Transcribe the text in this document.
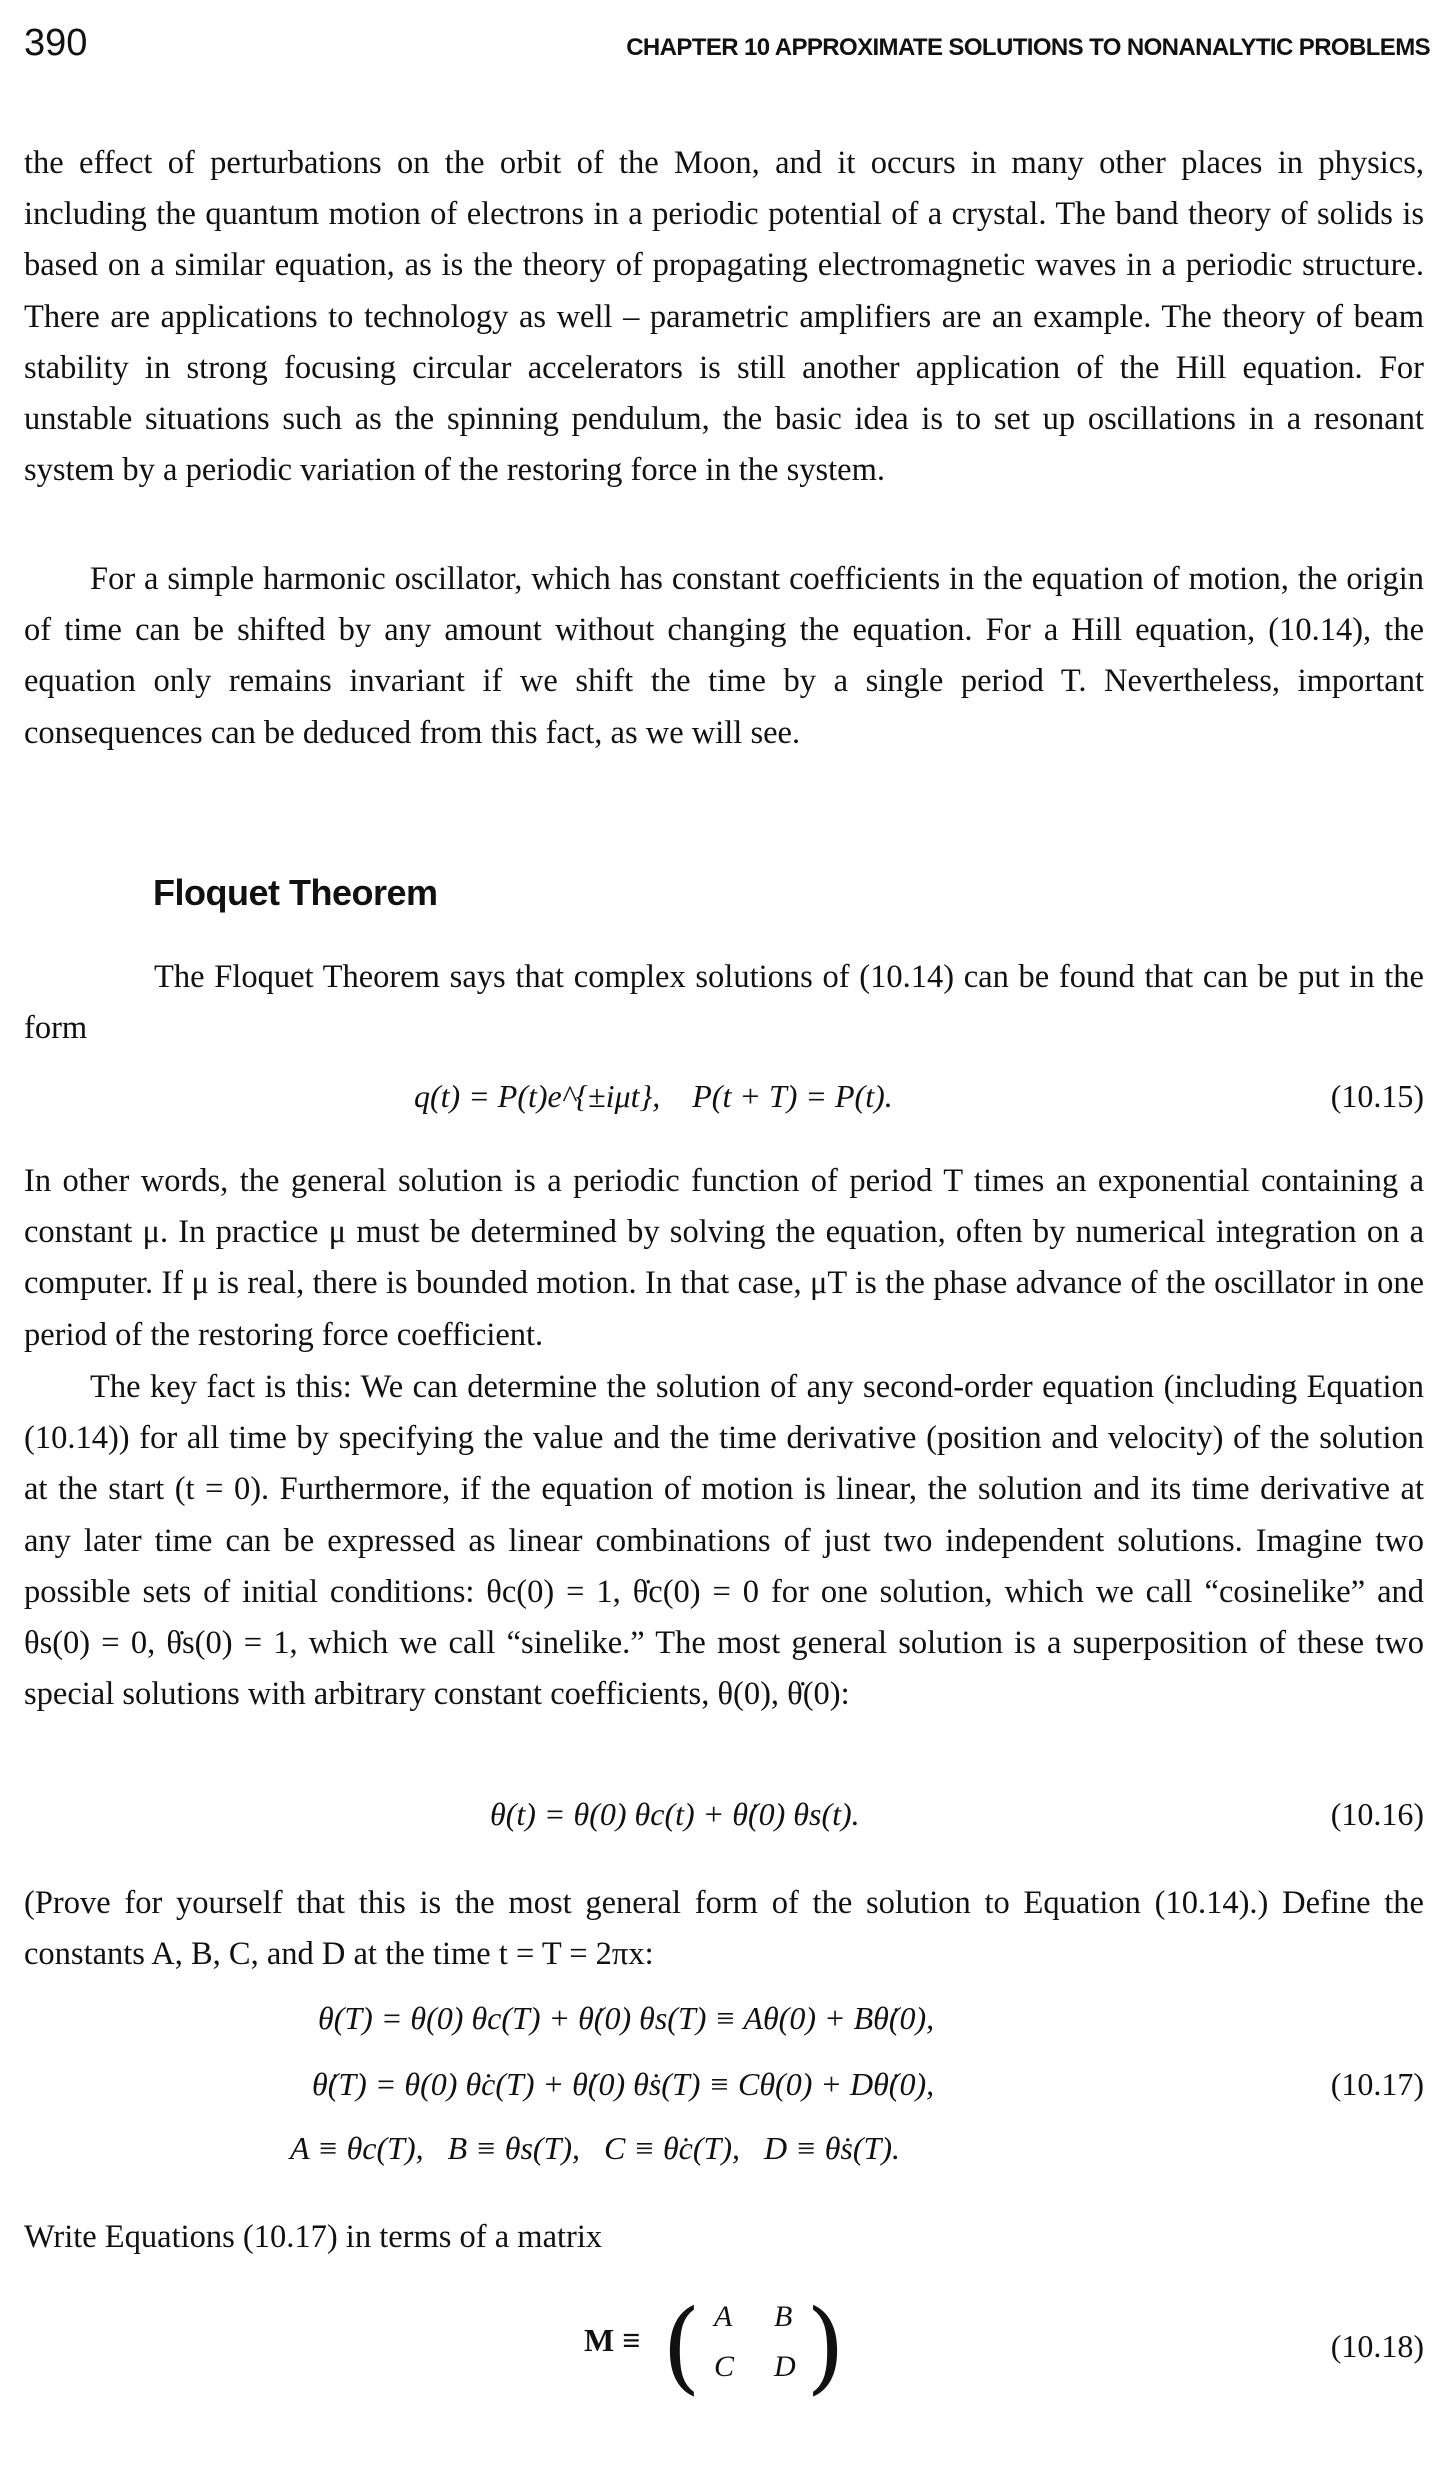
390	CHAPTER 10 APPROXIMATE SOLUTIONS TO NONANALYTIC PROBLEMS

the effect of perturbations on the orbit of the Moon, and it occurs in many other places in physics, including the quantum motion of electrons in a periodic potential of a crystal. The band theory of solids is based on a similar equation, as is the theory of propagating electromagnetic waves in a periodic structure. There are applications to technology as well – parametric amplifiers are an example. The theory of beam stability in strong focusing circular accelerators is still another application of the Hill equation. For unstable situations such as the spinning pendulum, the basic idea is to set up oscillations in a resonant system by a periodic variation of the restoring force in the system.

For a simple harmonic oscillator, which has constant coefficients in the equation of motion, the origin of time can be shifted by any amount without changing the equation. For a Hill equation, (10.14), the equation only remains invariant if we shift the time by a single period T. Nevertheless, important consequences can be deduced from this fact, as we will see.

Floquet Theorem

The Floquet Theorem says that complex solutions of (10.14) can be found that can be put in the form

q(t) = P(t)e^{±iμt},    P(t + T) = P(t).	(10.15)

In other words, the general solution is a periodic function of period T times an exponential containing a constant μ. In practice μ must be determined by solving the equation, often by numerical integration on a computer. If μ is real, there is bounded motion. In that case, μT is the phase advance of the oscillator in one period of the restoring force coefficient.

The key fact is this: We can determine the solution of any second-order equation (including Equation (10.14)) for all time by specifying the value and the time derivative (position and velocity) of the solution at the start (t = 0). Furthermore, if the equation of motion is linear, the solution and its time derivative at any later time can be expressed as linear combinations of just two independent solutions. Imagine two possible sets of initial conditions: θc(0) = 1, θ̇c(0) = 0 for one solution, which we call “cosinelike” and θs(0) = 0, θ̇s(0) = 1, which we call “sinelike.” The most general solution is a superposition of these two special solutions with arbitrary constant coefficients, θ(0), θ̇(0):

θ(t) = θ(0) θc(t) + θ̇(0) θs(t).	(10.16)

(Prove for yourself that this is the most general form of the solution to Equation (10.14).) Define the constants A, B, C, and D at the time t = T = 2πx:

θ(T) = θ(0) θc(T) + θ̇(0) θs(T) ≡ Aθ(0) + Bθ̇(0),
θ̇(T) = θ(0) θ̇c(T) + θ̇(0) θ̇s(T) ≡ Cθ(0) + Dθ̇(0),
A ≡ θc(T),   B ≡ θs(T),   C ≡ θ̇c(T),   D ≡ θ̇s(T).
(10.17)

Write Equations (10.17) in terms of a matrix

M ≡ ( A B
C D )	(10.18)
